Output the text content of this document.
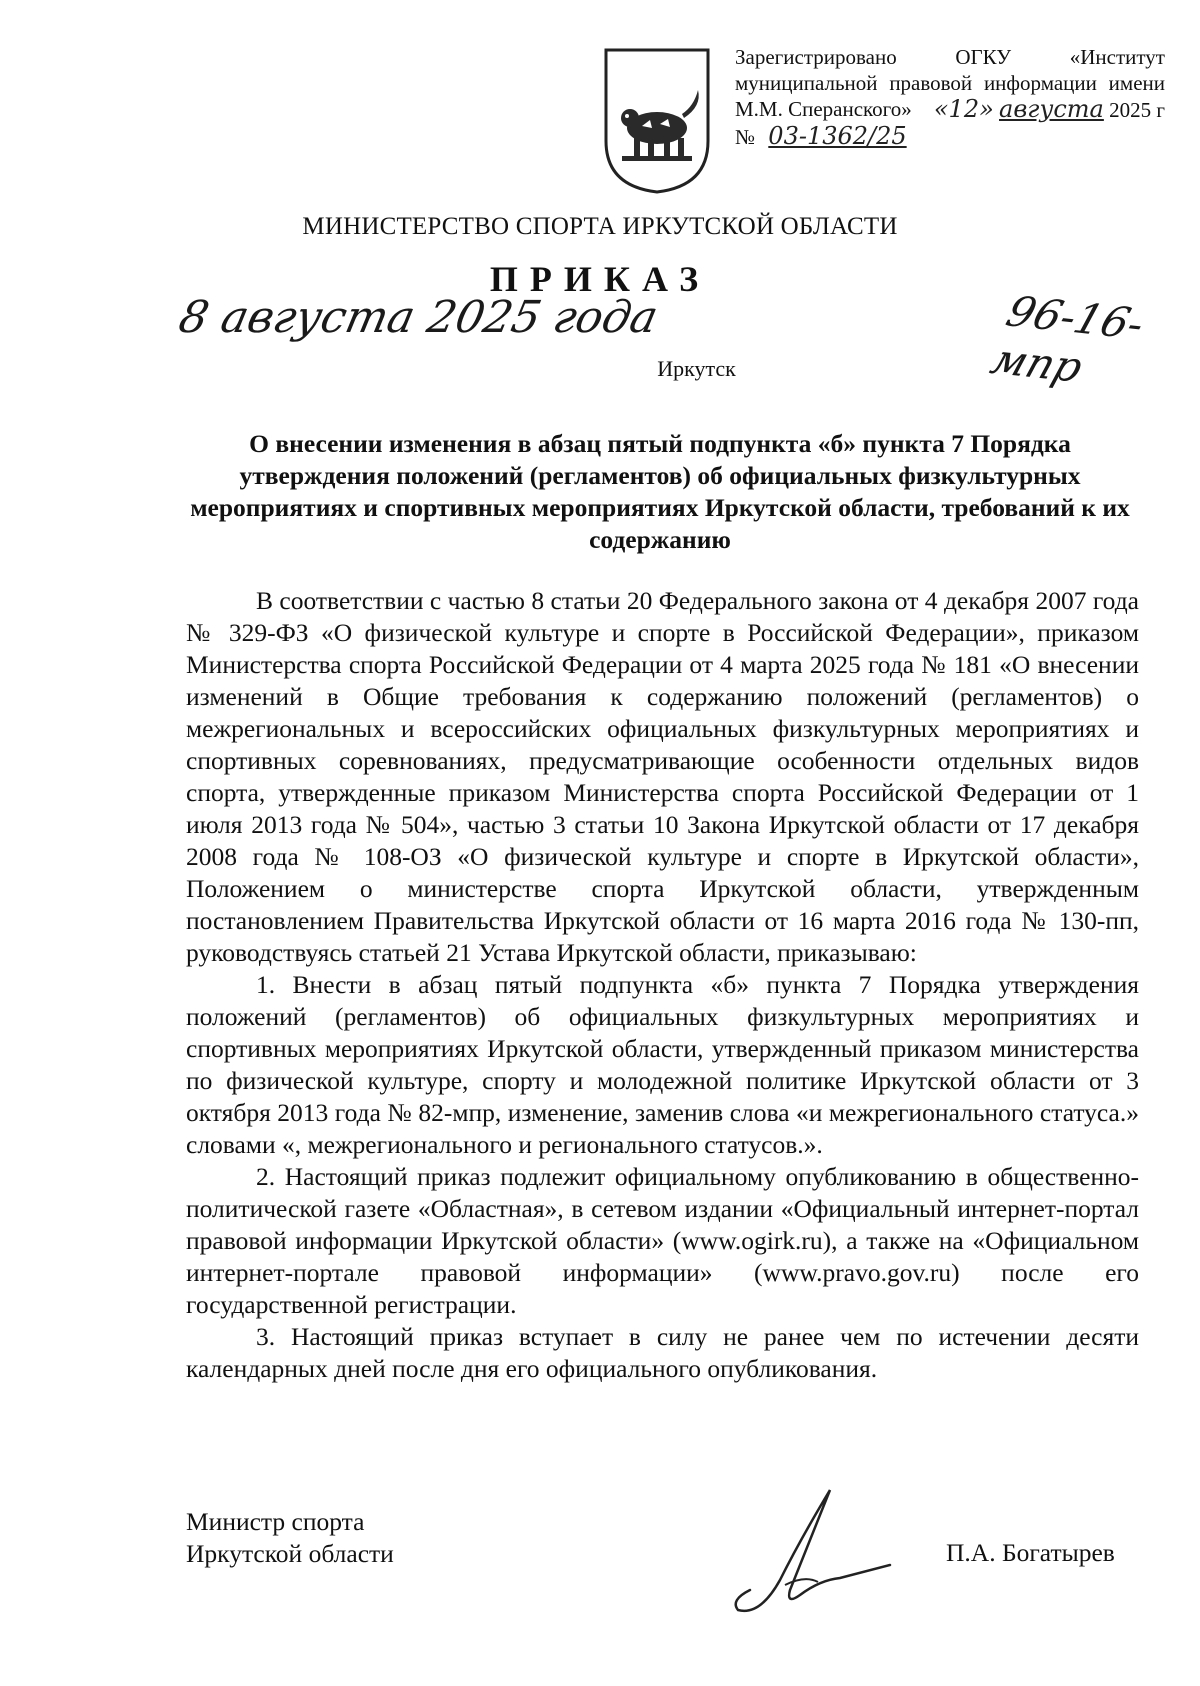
Зарегистрировано	ОГКУ	«Институт
муниципальной правовой информации имени
М.М. Сперанского» «12» августа 2025 г
№ 03-1362/25
МИНИСТЕРСТВО СПОРТА ИРКУТСКОЙ ОБЛАСТИ
ПРИКАЗ
8 августа 2025 года	96-16-мпр
Иркутск
О внесении изменения в абзац пятый подпункта «б» пункта 7 Порядка утверждения положений (регламентов) об официальных физкультурных мероприятиях и спортивных мероприятиях Иркутской области, требований к их содержанию

В соответствии с частью 8 статьи 20 Федерального закона от 4 декабря 2007 года № 329-ФЗ «О физической культуре и спорте в Российской Федерации», приказом Министерства спорта Российской Федерации от 4 марта 2025 года № 181 «О внесении изменений в Общие требования к содержанию положений (регламентов) о межрегиональных и всероссийских официальных физкультурных мероприятиях и спортивных соревнованиях, предусматривающие особенности отдельных видов спорта, утвержденные приказом Министерства спорта Российской Федерации от 1 июля 2013 года № 504», частью 3 статьи 10 Закона Иркутской области от 17 декабря 2008 года № 108-ОЗ «О физической культуре и спорте в Иркутской области», Положением о министерстве спорта Иркутской области, утвержденным постановлением Правительства Иркутской области от 16 марта 2016 года № 130-пп, руководствуясь статьей 21 Устава Иркутской области, приказываю:

1. Внести в абзац пятый подпункта «б» пункта 7 Порядка утверждения положений (регламентов) об официальных физкультурных мероприятиях и спортивных мероприятиях Иркутской области, утвержденный приказом министерства по физической культуре, спорту и молодежной политике Иркутской области от 3 октября 2013 года № 82-мпр, изменение, заменив слова «и межрегионального статуса.» словами «, межрегионального и регионального статусов.».

2. Настоящий приказ подлежит официальному опубликованию в общественно-политической газете «Областная», в сетевом издании «Официальный интернет-портал правовой информации Иркутской области» (www.ogirk.ru), а также на «Официальном интернет-портале правовой информации» (www.pravo.gov.ru) после его государственной регистрации.

3. Настоящий приказ вступает в силу не ранее чем по истечении десяти календарных дней после дня его официального опубликования.

Министр спорта
Иркутской области	П.А. Богатырев
